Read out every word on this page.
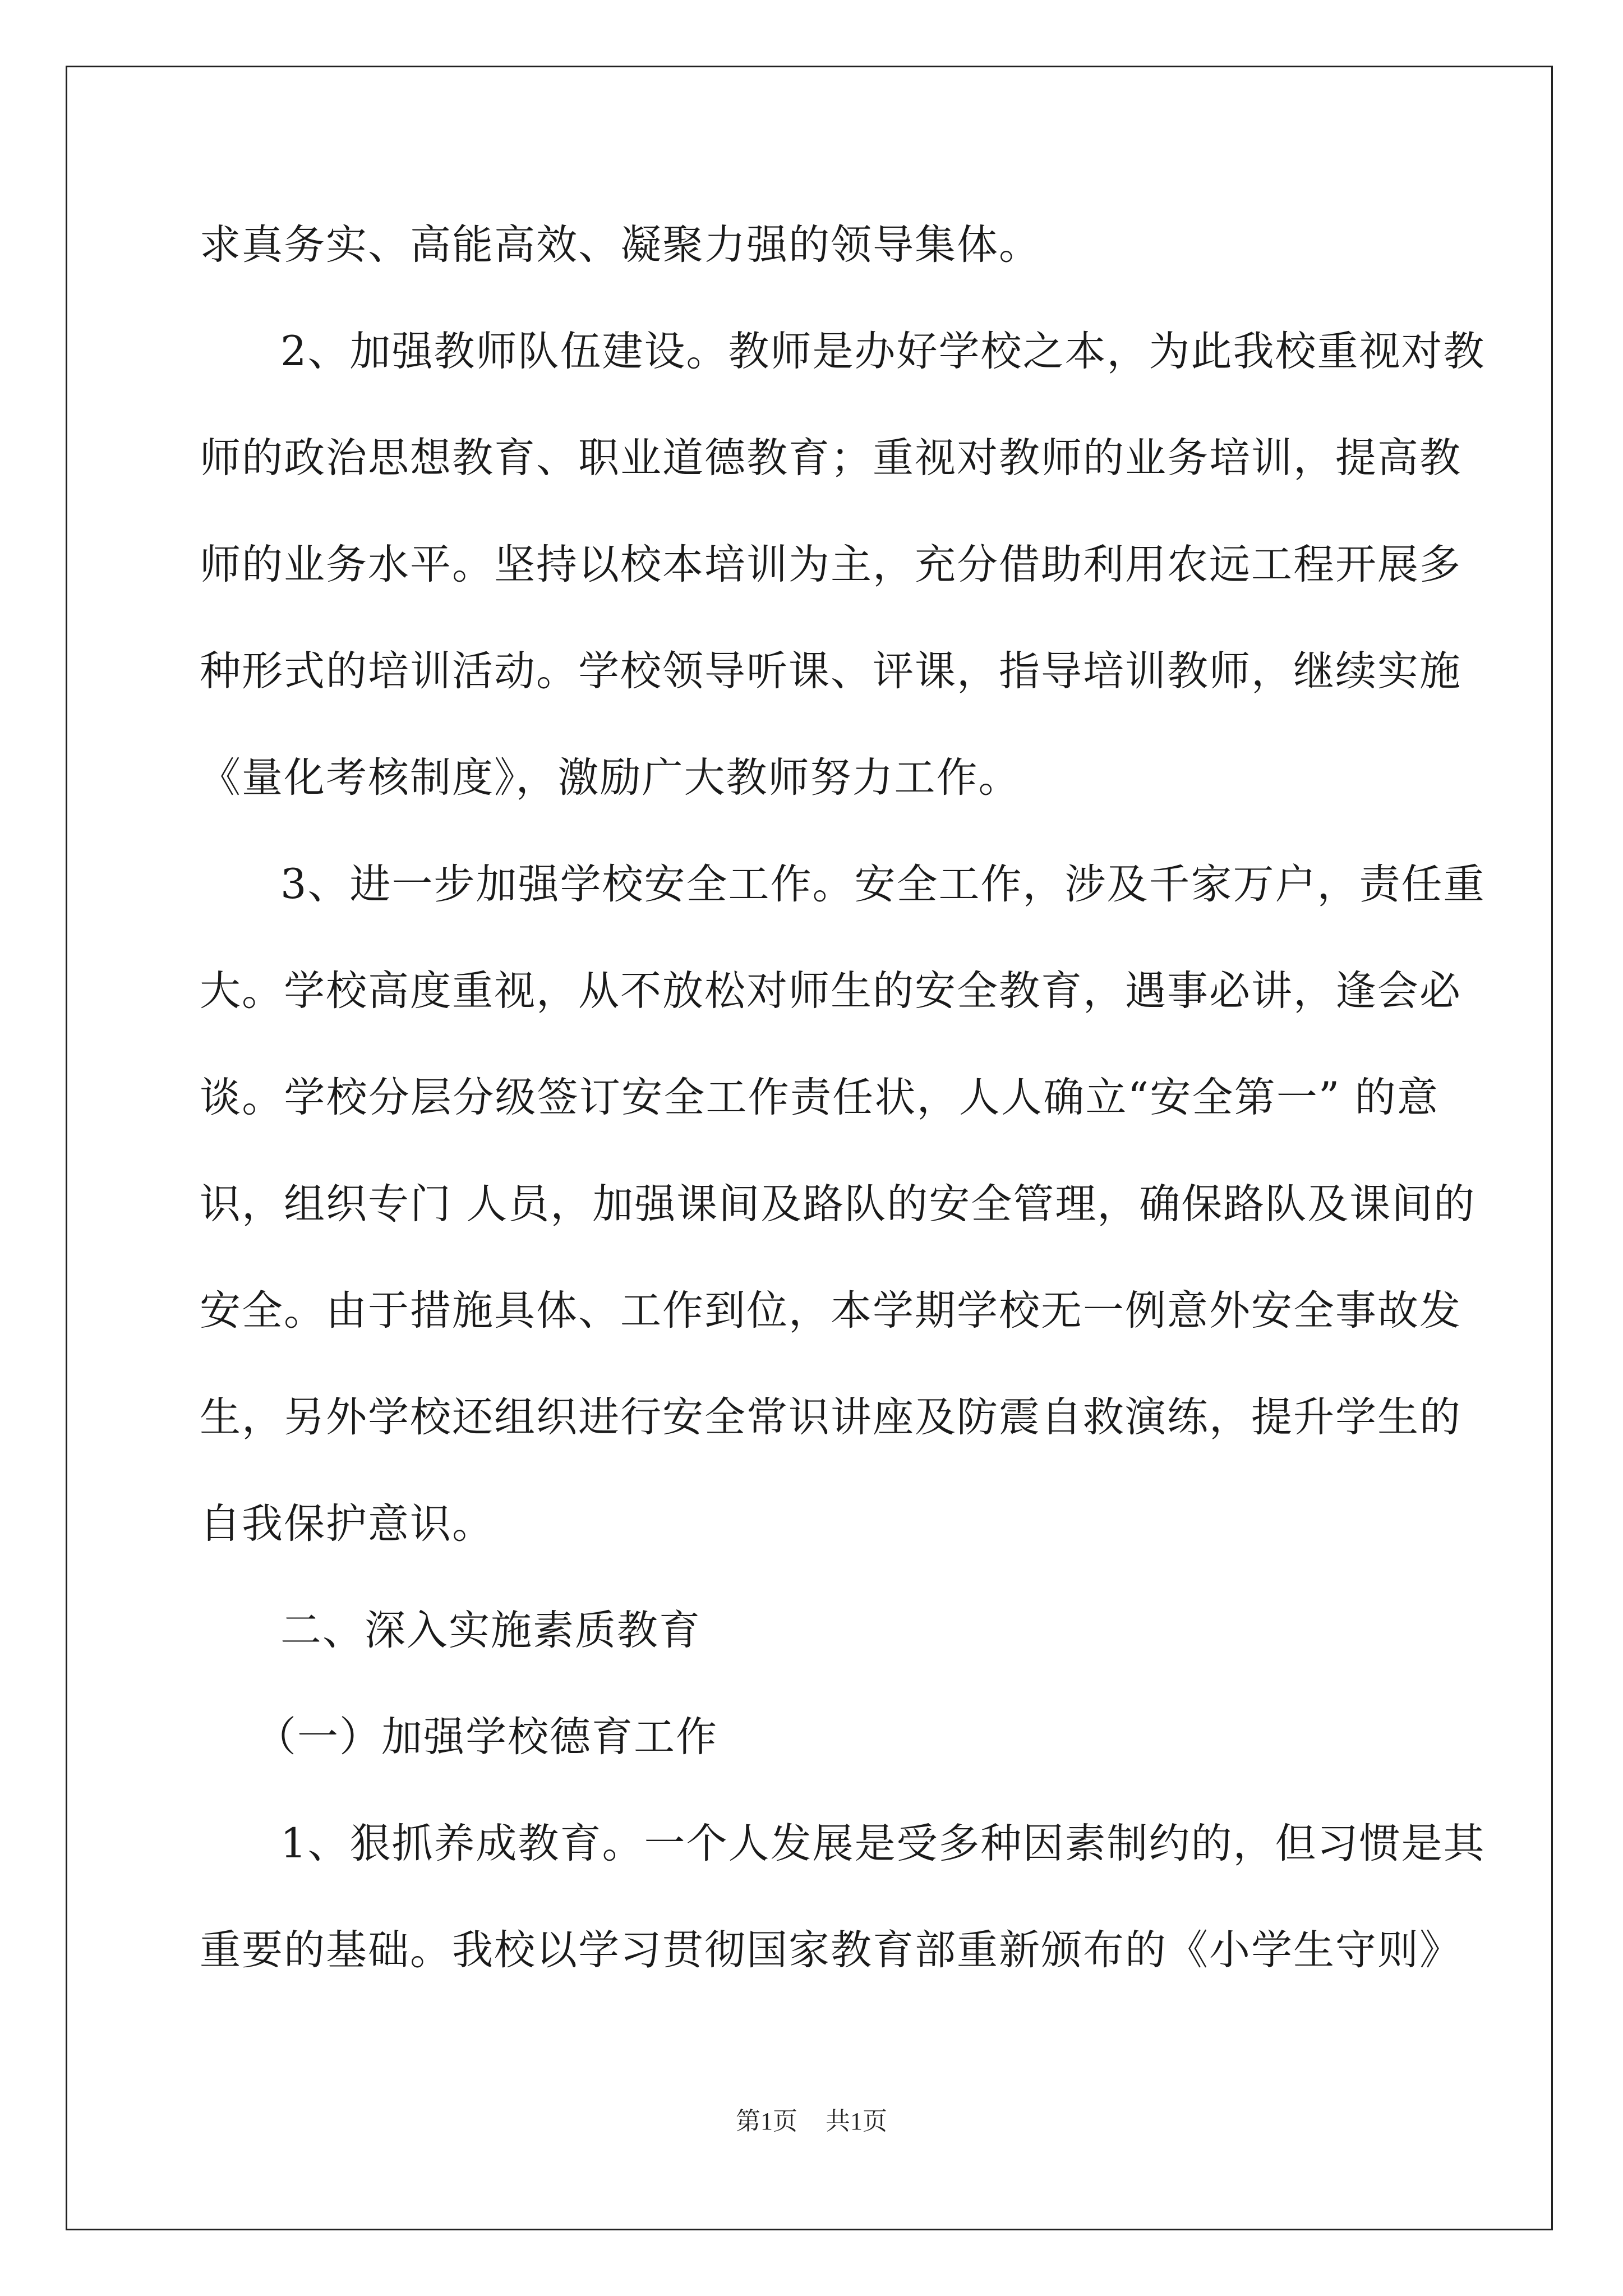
求真务实、高能高效、凝聚力强的领导集体。
2、加强教师队伍建设。教师是办好学校之本，为此我校重视对教
师的政治思想教育、职业道德教育；重视对教师的业务培训，提高教
师的业务水平。坚持以校本培训为主，充分借助利用农远工程开展多
种形式的培训活动。学校领导听课、评课，指导培训教师，继续实施
《量化考核制度》，激励广大教师努力工作。
3、进一步加强学校安全工作。安全工作，涉及千家万户，责任重
大。学校高度重视，从不放松对师生的安全教育，遇事必讲，逢会必
谈。学校分层分级签订安全工作责任状，人人确立“安全第一” 的意
识，组织专门 人员，加强课间及路队的安全管理，确保路队及课间的
安全。由于措施具体、工作到位，本学期学校无一例意外安全事故发
生，另外学校还组织进行安全常识讲座及防震自救演练，提升学生的
自我保护意识。
二、深入实施素质教育
（一）加强学校德育工作
1、狠抓养成教育。一个人发展是受多种因素制约的，但习惯是其
重要的基础。我校以学习贯彻国家教育部重新颁布的《小学生守则》
第1页 共1页
